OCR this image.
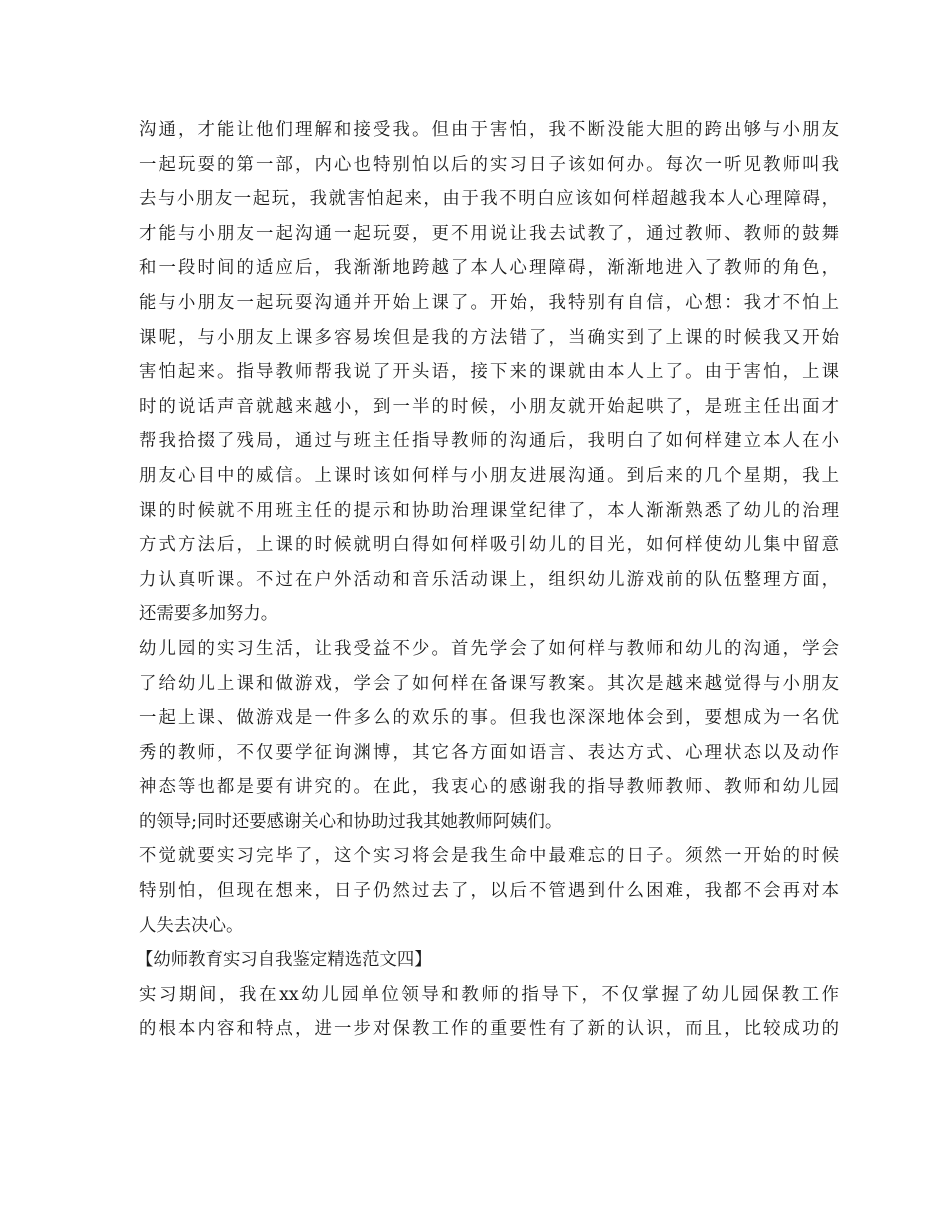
沟通，才能让他们理解和接受我。但由于害怕，我不断没能大胆的跨出够与小朋友
一起玩耍的第一部，内心也特别怕以后的实习日子该如何办。每次一听见教师叫我
去与小朋友一起玩，我就害怕起来，由于我不明白应该如何样超越我本人心理障碍，
才能与小朋友一起沟通一起玩耍，更不用说让我去试教了，通过教师、教师的鼓舞
和一段时间的适应后，我渐渐地跨越了本人心理障碍，渐渐地进入了教师的角色，
能与小朋友一起玩耍沟通并开始上课了。开始，我特别有自信，心想：我才不怕上
课呢，与小朋友上课多容易埃但是我的方法错了，当确实到了上课的时候我又开始
害怕起来。指导教师帮我说了开头语，接下来的课就由本人上了。由于害怕，上课
时的说话声音就越来越小，到一半的时候，小朋友就开始起哄了，是班主任出面才
帮我拾掇了残局，通过与班主任指导教师的沟通后，我明白了如何样建立本人在小
朋友心目中的威信。上课时该如何样与小朋友进展沟通。到后来的几个星期，我上
课的时候就不用班主任的提示和协助治理课堂纪律了，本人渐渐熟悉了幼儿的治理
方式方法后，上课的时候就明白得如何样吸引幼儿的目光，如何样使幼儿集中留意
力认真听课。不过在户外活动和音乐活动课上，组织幼儿游戏前的队伍整理方面，
还需要多加努力。
幼儿园的实习生活，让我受益不少。首先学会了如何样与教师和幼儿的沟通，学会
了给幼儿上课和做游戏，学会了如何样在备课写教案。其次是越来越觉得与小朋友
一起上课、做游戏是一件多么的欢乐的事。但我也深深地体会到，要想成为一名优
秀的教师，不仅要学征询渊博，其它各方面如语言、表达方式、心理状态以及动作
神态等也都是要有讲究的。在此，我衷心的感谢我的指导教师教师、教师和幼儿园
的领导;同时还要感谢关心和协助过我其她教师阿姨们。
不觉就要实习完毕了，这个实习将会是我生命中最难忘的日子。须然一开始的时候
特别怕，但现在想来，日子仍然过去了，以后不管遇到什么困难，我都不会再对本
人失去决心。
【幼师教育实习自我鉴定精选范文四】
实习期间，我在xx幼儿园单位领导和教师的指导下，不仅掌握了幼儿园保教工作
的根本内容和特点，进一步对保教工作的重要性有了新的认识，而且，比较成功的
